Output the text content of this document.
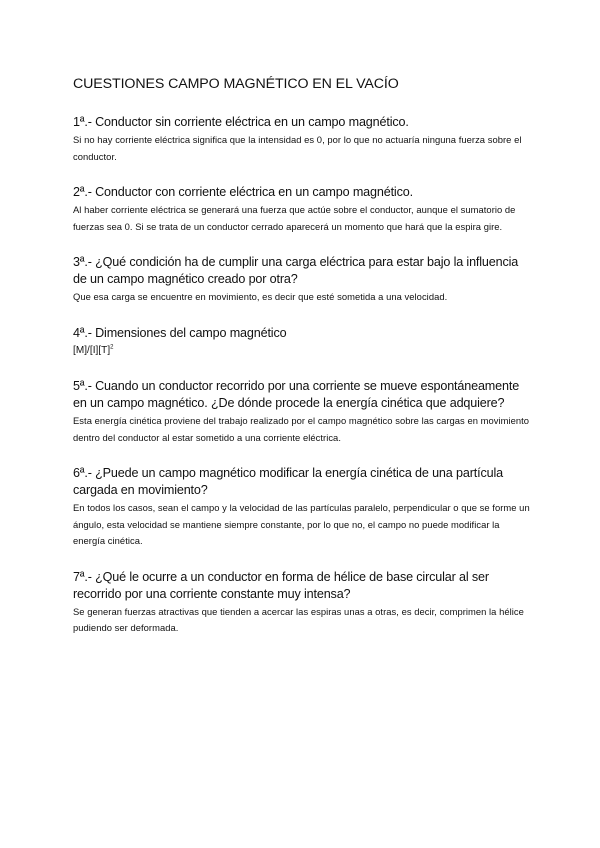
CUESTIONES CAMPO MAGNÉTICO EN EL VACÍO

1ª.- Conductor sin corriente eléctrica en un campo magnético.

Si no hay corriente eléctrica significa que la intensidad es 0, por lo que no actuaría ninguna fuerza sobre el conductor.

2ª.- Conductor con corriente eléctrica en un campo magnético.

Al haber corriente eléctrica se generará una fuerza que actúe sobre el conductor, aunque el sumatorio de fuerzas sea 0. Si se trata de un conductor cerrado aparecerá un momento que hará que la espira gire.

3ª.- ¿Qué condición ha de cumplir una carga eléctrica para estar bajo la influencia de un campo magnético creado por otra?

Que esa carga se encuentre en movimiento, es decir que esté sometida a una velocidad.

4ª.- Dimensiones del campo magnético

$[M]/[I][T]^2$

5ª.- Cuando un conductor recorrido por una corriente se mueve espontáneamente en un campo magnético. ¿De dónde procede la energía cinética que adquiere?

Esta energía cinética proviene del trabajo realizado por el campo magnético sobre las cargas en movimiento dentro del conductor al estar sometido a una corriente eléctrica.

6ª.- ¿Puede un campo magnético modificar la energía cinética de una partícula cargada en movimiento?

En todos los casos, sean el campo y la velocidad de las partículas paralelo, perpendicular o que se forme un ángulo, esta velocidad se mantiene siempre constante, por lo que no, el campo no puede modificar la energía cinética.

7ª.- ¿Qué le ocurre a un conductor en forma de hélice de base circular al ser recorrido por una corriente constante muy intensa?

Se generan fuerzas atractivas que tienden a acercar las espiras unas a otras, es decir, comprimen la hélice pudiendo ser deformada.
